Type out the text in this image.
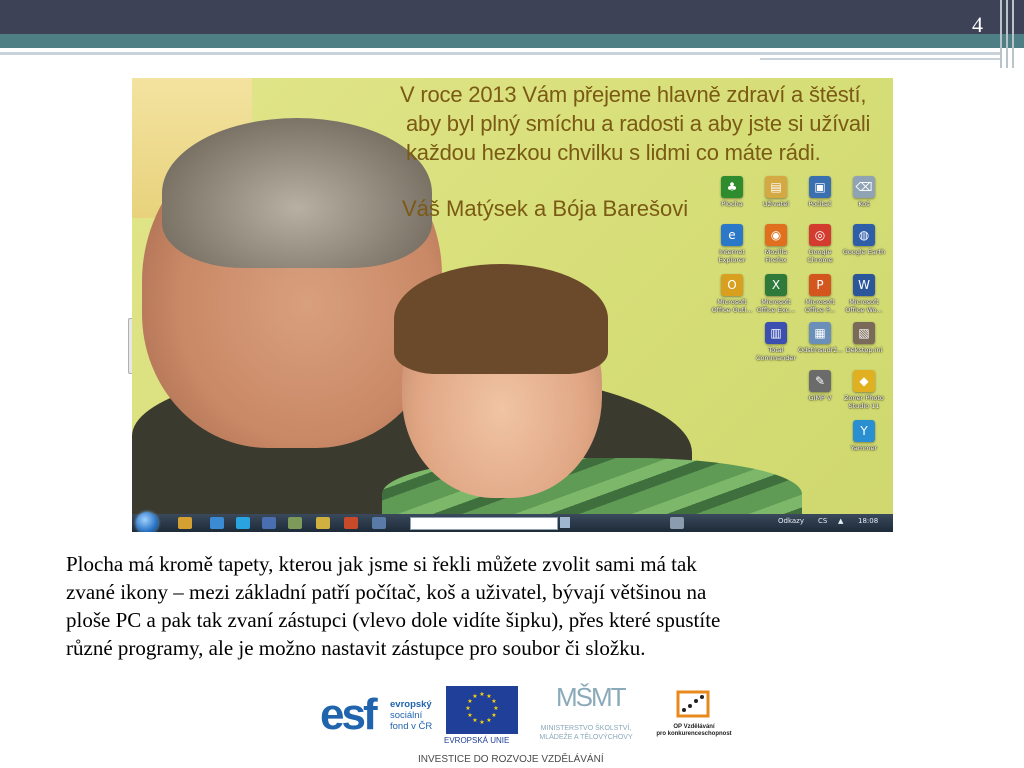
4
V roce 2013 Vám přejeme hlavně zdraví a štěstí,
aby byl plný smíchu a radosti a aby jste si užívali
každou hezkou chvilku s lidmi co máte rádi.
Váš Matýsek a Bója Barešovi
♣
Plocha
▤
Uživatel
▣
Počítač
⌫
Koš
e
Internet Explorer
◉
Mozilla Firefox
◎
Google Chrome
◍
Google Earth
O
Microsoft Office Outl...
X
Microsoft Office Exc...
P
Microsoft Office P...
W
Microsoft Office Wo...
▥
Total Commander
▦
Odstínsudrž...
▧
Dekstop.ini
✎
GIMP V
◆
Zoner Photo Studio 11
Y
Yammer
Odkazy CS ▲ 18:08
Plocha má kromě tapety, kterou jak jsme si řekli můžete zvolit sami má tak
zvané ikony – mezi základní patří počítač, koš a uživatel, bývají většinou na
ploše PC a pak tak zvaní zástupci (vlevo dole vidíte šipku), přes které spustíte
různé programy, ale je možno nastavit zástupce pro soubor či složku.
esf evropský
sociální
fond v ČR
★ ★
★
★
★
★
★
★
★
★
★
★
EVROPSKÁ UNIE
MŠMT
MINISTERSTVO ŠKOLSTVÍ,
MLÁDEŽE A TĚLOVÝCHOVY
OP Vzdělávání
pro konkurenceschopnost
INVESTICE DO ROZVOJE VZDĚLÁVÁNÍ
